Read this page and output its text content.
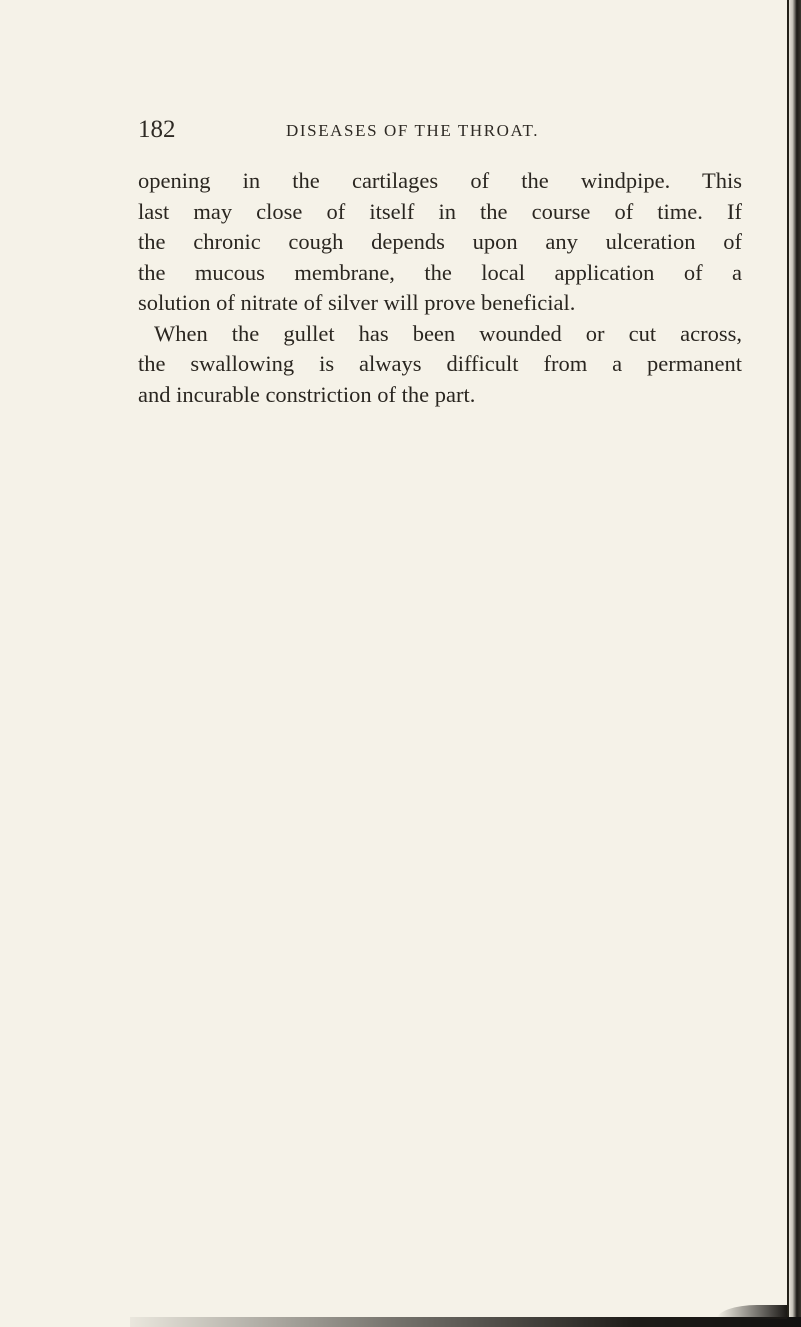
182	DISEASES OF THE THROAT.
opening in the cartilages of the windpipe. This
last may close of itself in the course of time. If
the chronic cough depends upon any ulceration of
the mucous membrane, the local application of a
solution of nitrate of silver will prove beneficial.
When the gullet has been wounded or cut across,
the swallowing is always difficult from a permanent
and incurable constriction of the part.
